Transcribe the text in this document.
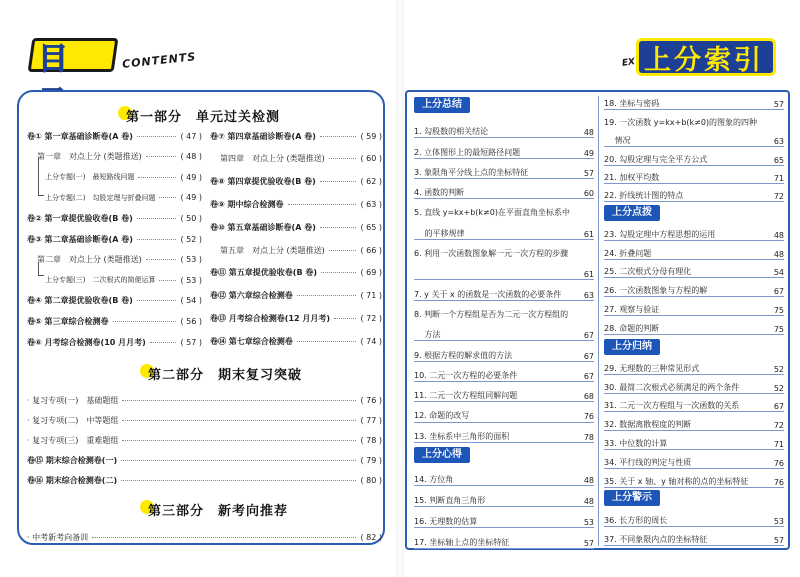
目	CONTENTS
第一部分　单元过关检测
卷① 第一章基础诊断卷(A 卷)	( 47 )
第一章　对点上分 (类题推送)	( 48 )
上分专题(一)　最短路线问题	( 49 )
上分专题(二)　勾股定理与折叠问题	( 49 )
卷② 第一章提优验收卷(B 卷)	( 50 )
卷③ 第二章基础诊断卷(A 卷)	( 52 )
第二章　对点上分 (类题推送)	( 53 )
上分专题(三)　二次根式的简便运算	( 53 )
卷④ 第二章提优验收卷(B 卷)	( 54 )
卷⑤ 第三章综合检测卷	( 56 )
卷⑥ 月考综合检测卷(10 月月考)	( 57 )
卷⑦ 第四章基础诊断卷(A 卷)	( 59 )
第四章　对点上分 (类题推送)	( 60 )
卷⑧ 第四章提优验收卷(B 卷)	( 62 )
卷⑨ 期中综合检测卷	( 63 )
卷⑩ 第五章基础诊断卷(A 卷)	( 65 )
第五章　对点上分 (类题推送)	( 66 )
卷⑪ 第五章提优验收卷(B 卷)	( 69 )
卷⑫ 第六章综合检测卷	( 71 )
卷⑬ 月考综合检测卷(12 月月考)	( 72 )
卷⑭ 第七章综合检测卷	( 74 )
第二部分　期末复习突破
· 复习专项(一)　基础题组	( 76 )
· 复习专项(二)　中等题组	( 77 )
· 复习专项(三)　重难题组	( 78 )
卷⑮ 期末综合检测卷(一)	( 79 )
卷⑯ 期末综合检测卷(二)	( 80 )
第三部分　新考向推荐
· 中考新考向备训	( 82 )
EX 上分索引
上分总结
1. 勾股数的相关结论	48
2. 立体图形上的最短路径问题	49
3. 象限角平分线上点的坐标特征	57
4. 函数的判断	60
5. 直线 y=kx+b(k≠0)在平面直角坐标系中
　 的平移规律	61
6. 利用一次函数图象解一元一次方程的步骤
61
7. y 关于 x 的函数是一次函数的必要条件	63
8. 判断一个方程组是否为二元一次方程组的
　 方法	67
9. 根据方程的解求值的方法	67
10. 二元一次方程的必要条件	67
11. 二元一次方程组同解问题	68
12. 命题的改写	76
13. 坐标系中三角形的面积	78
上分心得
14. 方位角	48
15. 判断直角三角形	48
16. 无理数的估算	53
17. 坐标轴上点的坐标特征	57
18. 坐标与密码	57
19. 一次函数 y=kx+b(k≠0)的图象的四种
　 情况	63
20. 勾股定理与完全平方公式	65
21. 加权平均数	71
22. 折线统计图的特点	72
上分点拨
23. 勾股定理中方程思想的运用	48
24. 折叠问题	48
25. 二次根式分母有理化	54
26. 一次函数图象与方程的解	67
27. 观察与验证	75
28. 命题的判断	75
上分归纳
29. 无理数的三种常见形式	52
30. 最简二次根式必须满足的两个条件	52
31. 二元一次方程组与一次函数的关系	67
32. 数据离散程度的判断	72
33. 中位数的计算	71
34. 平行线的判定与性质	76
35. 关于 x 轴、y 轴对称的点的坐标特征	76
上分警示
36. 长方形的周长	53
37. 不同象限内点的坐标特征	57
